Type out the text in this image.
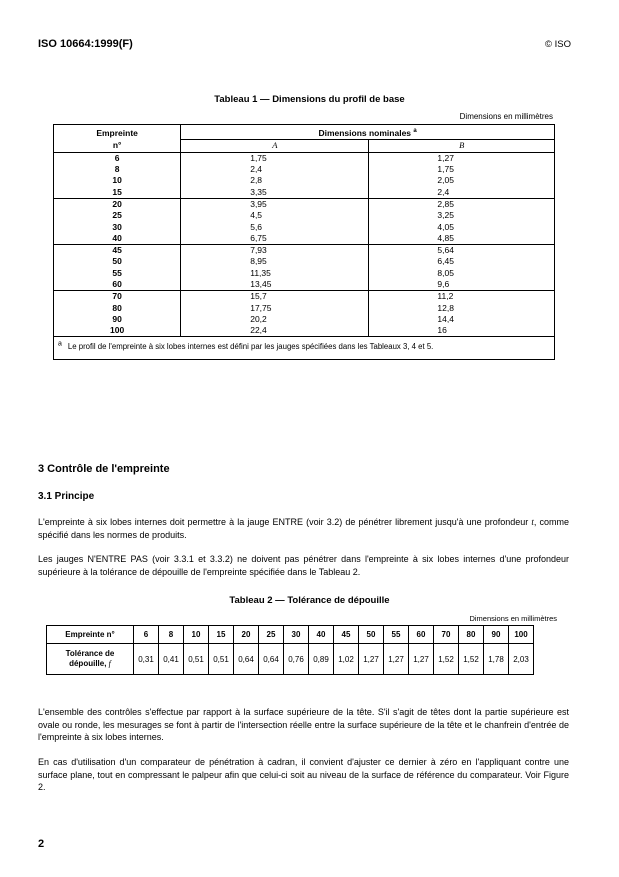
ISO 10664:1999(F)	© ISO
Tableau 1 — Dimensions du profil de base
Dimensions en millimètres
Empreinte	Dimensions nominales $^a$
n°	A	B
6	1,75	1,27
8	2,4	1,75
10	2,8	2,05
15	3,35	2,4
20	3,95	2,85
25	4,5	3,25
30	5,6	4,05
40	6,75	4,85
45	7,93	5,64
50	8,95	6,45
55	11,35	8,05
60	13,45	9,6
70	15,7	11,2
80	17,75	12,8
90	20,2	14,4
100	22,4	16
$^a$ Le profil de l'empreinte à six lobes internes est défini par les jauges spécifiées dans les Tableaux 3, 4 et 5.		
3 Contrôle de l'empreinte
3.1 Principe
L'empreinte à six lobes internes doit permettre à la jauge ENTRE (voir 3.2) de pénétrer librement jusqu'à une profondeur t, comme spécifié dans les normes de produits.
Les jauges N'ENTRE PAS (voir 3.3.1 et 3.3.2) ne doivent pas pénétrer dans l'empreinte à six lobes internes d'une profondeur supérieure à la tolérance de dépouille de l'empreinte spécifiée dans le Tableau 2.
Tableau 2 — Tolérance de dépouille
Dimensions en millimètres
Empreinte n°	6	8	10	15	20	25	30	40	45	50	55	60	70	80	90	100
Tolérance de
dépouille, f	0,31	0,41	0,51	0,51	0,64	0,64	0,76	0,89	1,02	1,27	1,27	1,27	1,52	1,52	1,78	2,03
L'ensemble des contrôles s'effectue par rapport à la surface supérieure de la tête. S'il s'agit de têtes dont la partie supérieure est ovale ou ronde, les mesurages se font à partir de l'intersection réelle entre la surface supérieure de la tête et le chanfrein d'entrée de l'empreinte à six lobes internes.
En cas d'utilisation d'un comparateur de pénétration à cadran, il convient d'ajuster ce dernier à zéro en l'appliquant contre une surface plane, tout en compressant le palpeur afin que celui-ci soit au niveau de la surface de référence du comparateur. Voir Figure 2.
2
